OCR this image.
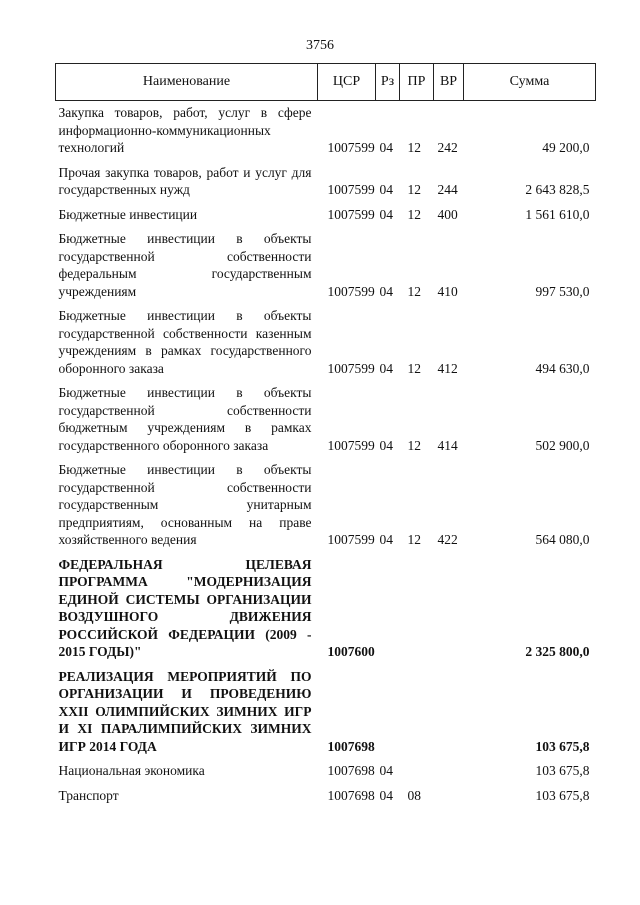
3756
Наименование	ЦСР	Рз	ПР	ВР	Сумма
Закупка товаров, работ, услуг в сфере информационно-коммуникационных технологий	1007599	04	12	242	49 200,0
Прочая закупка товаров, работ и услуг для государственных нужд	1007599	04	12	244	2 643 828,5
Бюджетные инвестиции	1007599	04	12	400	1 561 610,0
Бюджетные инвестиции в объекты государственной собственности федеральным государственным учреждениям	1007599	04	12	410	997 530,0
Бюджетные инвестиции в объекты государственной собственности казенным учреждениям в рамках государственного оборонного заказа	1007599	04	12	412	494 630,0
Бюджетные инвестиции в объекты государственной собственности бюджетным учреждениям в рамках государственного оборонного заказа	1007599	04	12	414	502 900,0
Бюджетные инвестиции в объекты государственной собственности государственным унитарным предприятиям, основанным на праве хозяйственного ведения	1007599	04	12	422	564 080,0
ФЕДЕРАЛЬНАЯ ЦЕЛЕВАЯ ПРОГРАММА "МОДЕРНИЗАЦИЯ ЕДИНОЙ СИСТЕМЫ ОРГАНИЗАЦИИ ВОЗДУШНОГО ДВИЖЕНИЯ РОССИЙСКОЙ ФЕДЕРАЦИИ (2009 - 2015 ГОДЫ)"	1007600				2 325 800,0
РЕАЛИЗАЦИЯ МЕРОПРИЯТИЙ ПО ОРГАНИЗАЦИИ И ПРОВЕДЕНИЮ XXII ОЛИМПИЙСКИХ ЗИМНИХ ИГР И XI ПАРАЛИМПИЙСКИХ ЗИМНИХ ИГР 2014 ГОДА	1007698				103 675,8
Национальная экономика	1007698	04			103 675,8
Транспорт	1007698	04	08		103 675,8
